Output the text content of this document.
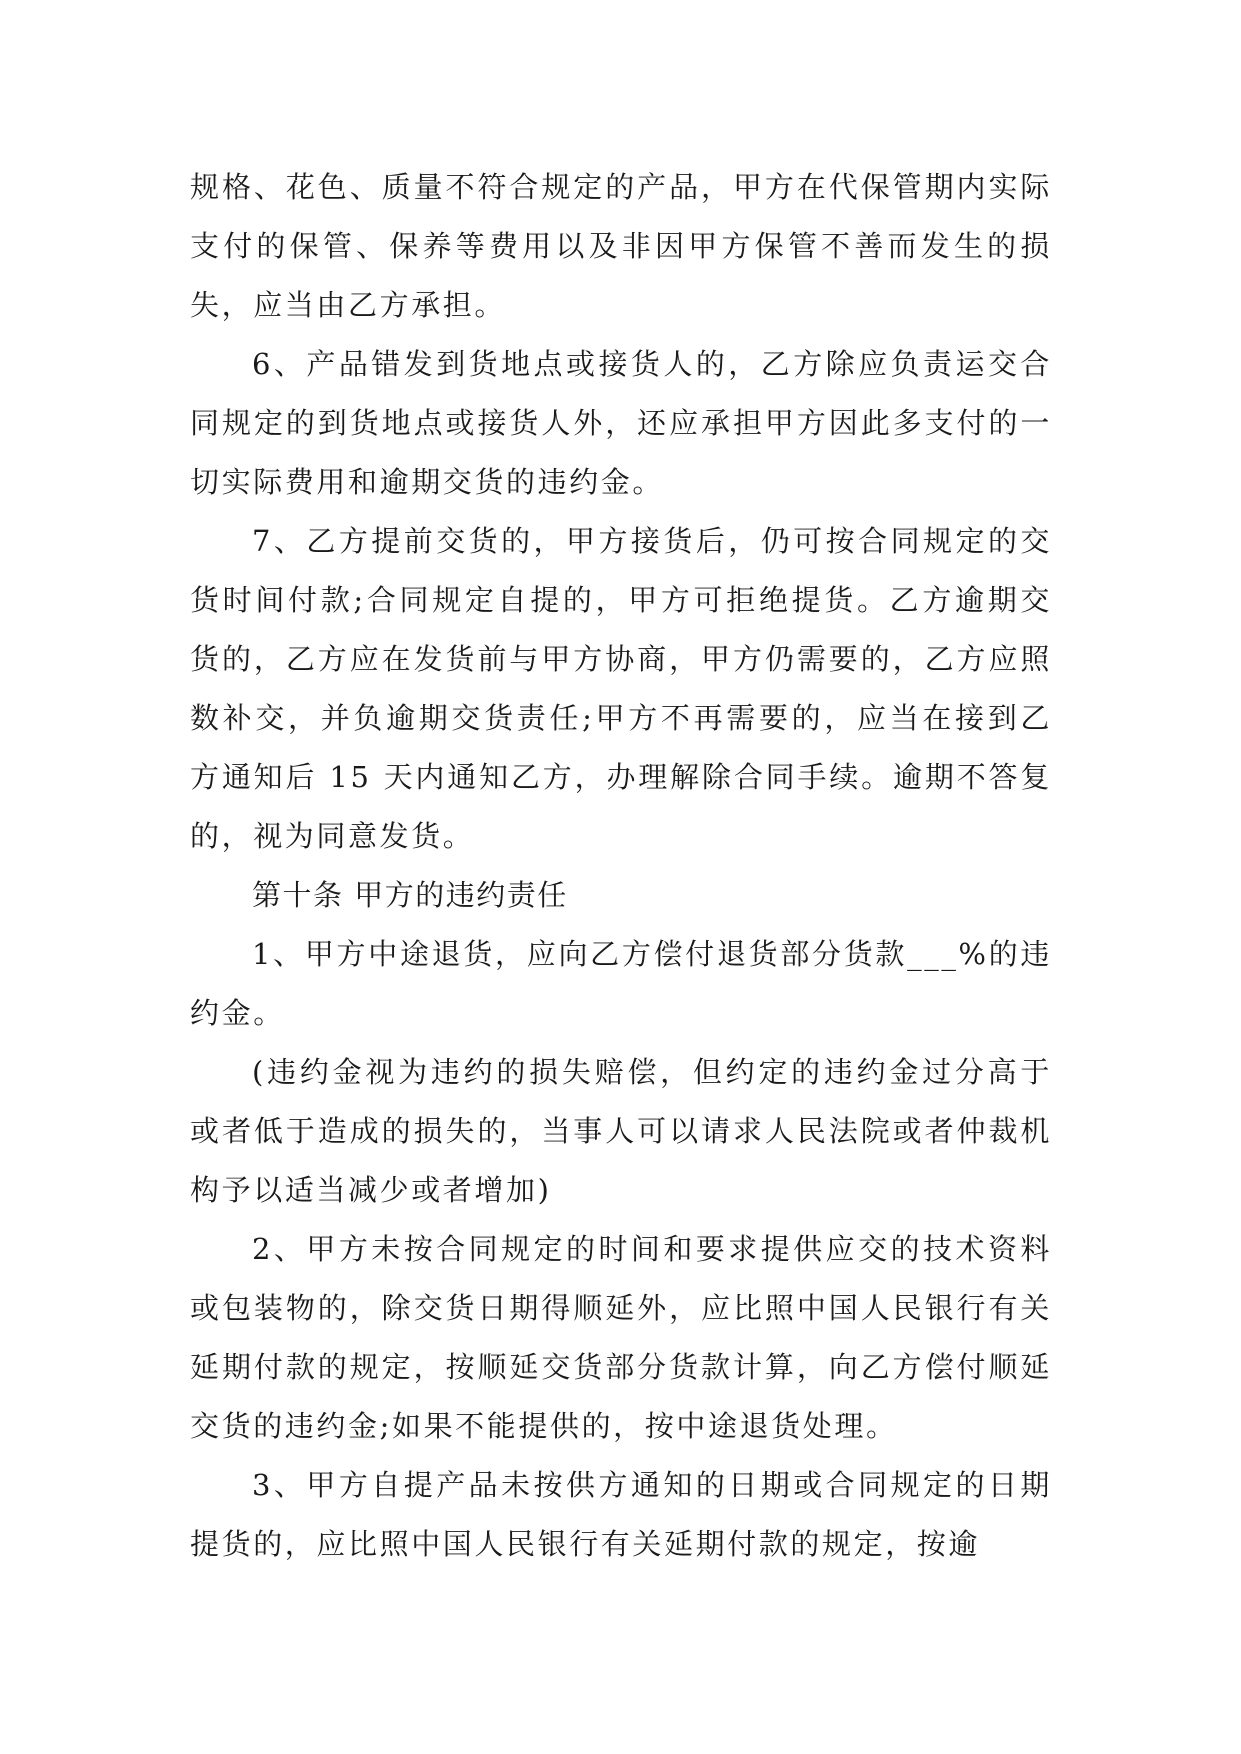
规格、花色、质量不符合规定的产品，甲方在代保管期内实际支付的保管、保养等费用以及非因甲方保管不善而发生的损失，应当由乙方承担。

6、产品错发到货地点或接货人的，乙方除应负责运交合同规定的到货地点或接货人外，还应承担甲方因此多支付的一切实际费用和逾期交货的违约金。

7、乙方提前交货的，甲方接货后，仍可按合同规定的交货时间付款;合同规定自提的，甲方可拒绝提货。乙方逾期交货的，乙方应在发货前与甲方协商，甲方仍需要的，乙方应照数补交，并负逾期交货责任;甲方不再需要的，应当在接到乙方通知后 15 天内通知乙方，办理解除合同手续。逾期不答复的，视为同意发货。

第十条 甲方的违约责任

1、甲方中途退货，应向乙方偿付退货部分货款___%的违约金。

(违约金视为违约的损失赔偿，但约定的违约金过分高于或者低于造成的损失的，当事人可以请求人民法院或者仲裁机构予以适当减少或者增加)

2、甲方未按合同规定的时间和要求提供应交的技术资料或包装物的，除交货日期得顺延外，应比照中国人民银行有关延期付款的规定，按顺延交货部分货款计算，向乙方偿付顺延交货的违约金;如果不能提供的，按中途退货处理。

3、甲方自提产品未按供方通知的日期或合同规定的日期提货的，应比照中国人民银行有关延期付款的规定，按逾
